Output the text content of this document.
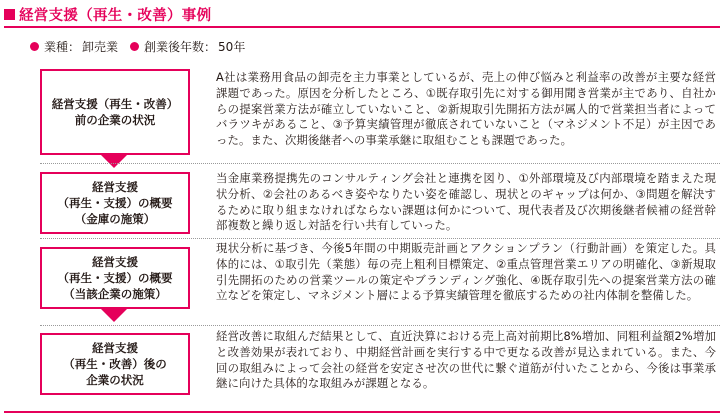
経営支援（再生・改善）事例
業種： 卸売業 創業後年数： 50年
経営支援（再生・改善）
前の企業の状況
A社は業務用食品の卸売を主力事業としているが、売上の伸び悩みと利益率の改善が主要な経営課題であった。原因を分析したところ、①既存取引先に対する御用聞き営業が主であり、自社からの提案営業方法が確立していないこと、②新規取引先開拓方法が属人的で営業担当者によってバラツキがあること、③予算実績管理が徹底されていないこと（マネジメント不足）が主因であった。また、次期後継者への事業承継に取組むことも課題であった。
経営支援
（再生・支援）の概要
（金庫の施策）
当金庫業務提携先のコンサルティング会社と連携を図り、①外部環境及び内部環境を踏まえた現状分析、②会社のあるべき姿やなりたい姿を確認し、現状とのギャップは何か、③問題を解決するために取り組まなければならない課題は何かについて、現代表者及び次期後継者候補の経営幹部複数と繰り返し対話を行い共有していった。
経営支援
（再生・支援）の概要
（当該企業の施策）
現状分析に基づき、今後5年間の中期販売計画とアクションプラン（行動計画）を策定した。具体的には、①取引先（業態）毎の売上粗利目標策定、②重点管理営業エリアの明確化、③新規取引先開拓のための営業ツールの策定やブランディング強化、④既存取引先への提案営業方法の確立などを策定し、マネジメント層による予算実績管理を徹底するための社内体制を整備した。
経営支援
（再生・改善）後の
企業の状況
経営改善に取組んだ結果として、直近決算における売上高対前期比8%増加、同粗利益額2%増加と改善効果が表れており、中期経営計画を実行する中で更なる改善が見込まれている。また、今回の取組みによって会社の経営を安定させ次の世代に繋ぐ道筋が付いたことから、今後は事業承継に向けた具体的な取組みが課題となる。
